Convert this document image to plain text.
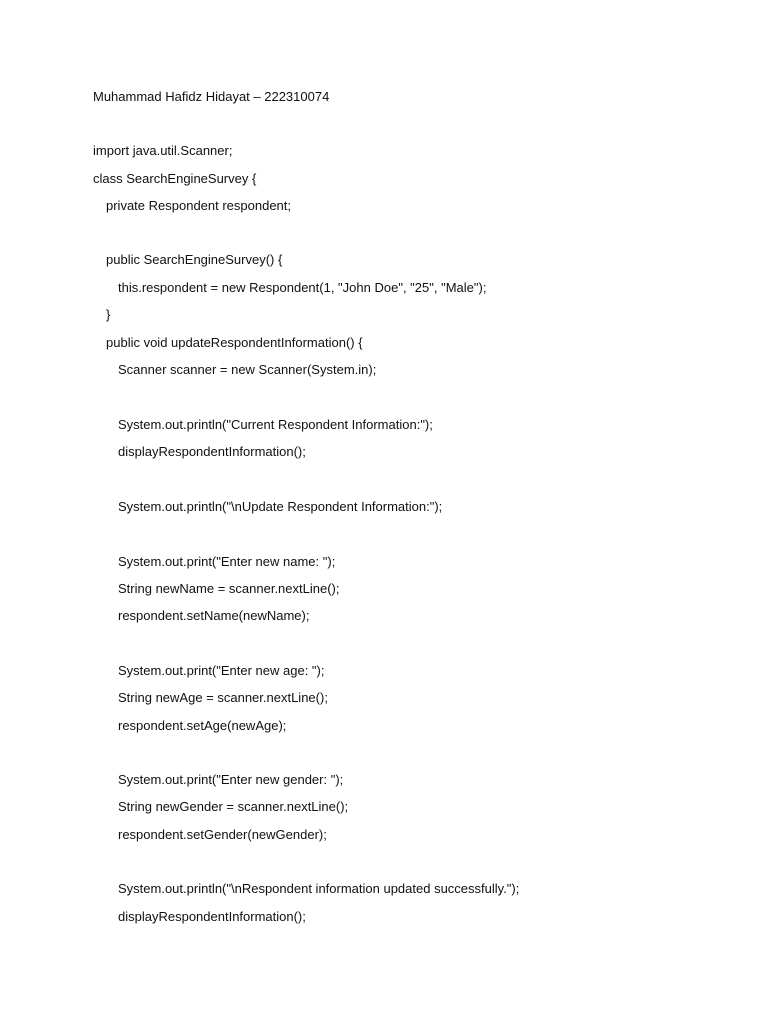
Muhammad Hafidz Hidayat – 222310074
import java.util.Scanner;
class SearchEngineSurvey {
private Respondent respondent;
public SearchEngineSurvey() {
this.respondent = new Respondent(1, "John Doe", "25", "Male");
}
public void updateRespondentInformation() {
Scanner scanner = new Scanner(System.in);
System.out.println("Current Respondent Information:");
displayRespondentInformation();
System.out.println("\nUpdate Respondent Information:");
System.out.print("Enter new name: ");
String newName = scanner.nextLine();
respondent.setName(newName);
System.out.print("Enter new age: ");
String newAge = scanner.nextLine();
respondent.setAge(newAge);
System.out.print("Enter new gender: ");
String newGender = scanner.nextLine();
respondent.setGender(newGender);
System.out.println("\nRespondent information updated successfully.");
displayRespondentInformation();
